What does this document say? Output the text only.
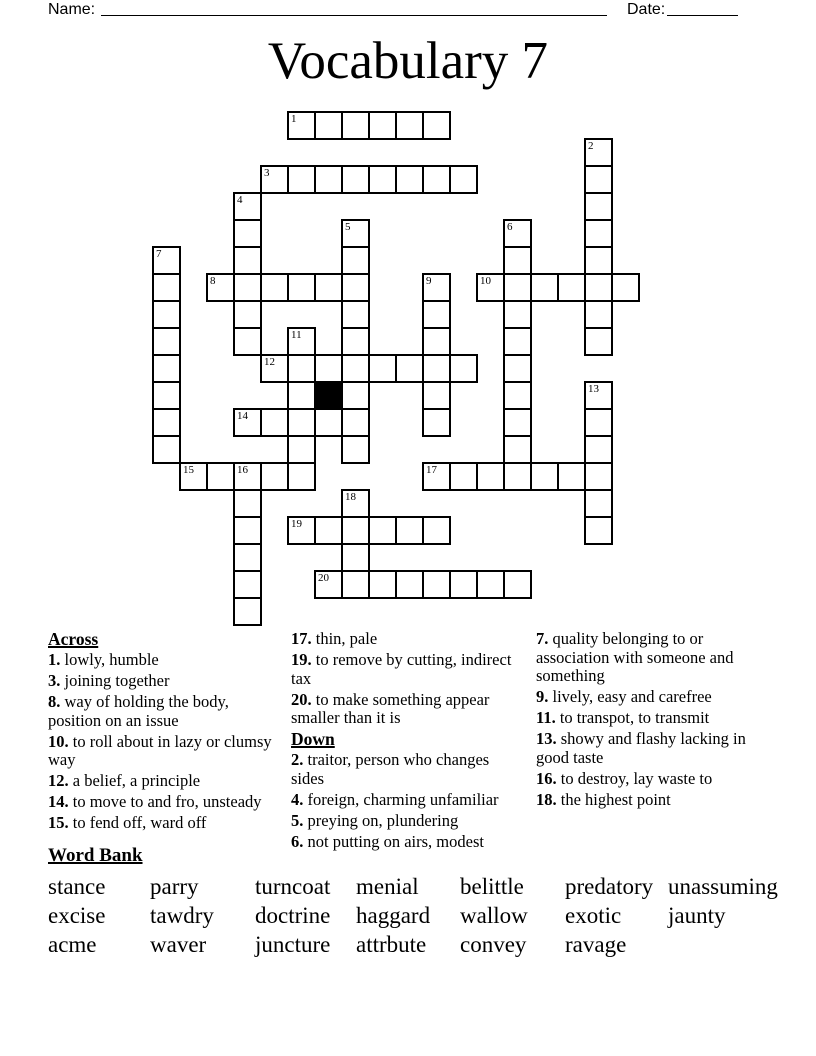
Name:	Date:
Vocabulary 7
1
3
8	10
12
14
15	16	17
19
20
2
4
5	6
7
9
11
13
18
Across
1. lowly, humble
3. joining together
8. way of holding the body, position on an issue
10. to roll about in lazy or clumsy way
12. a belief, a principle
14. to move to and fro, unsteady
15. to fend off, ward off
17. thin, pale
19. to remove by cutting, indirect tax
20. to make something appear smaller than it is
Down
2. traitor, person who changes sides
4. foreign, charming unfamiliar
5. preying on, plundering
6. not putting on airs, modest
7. quality belonging to or association with someone and something
9. lively, easy and carefree
11. to transpot, to transmit
13. showy and flashy lacking in good taste
16. to destroy, lay waste to
18. the highest point
Word Bank
stance parry turncoat menial belittle predatory unassuming
excise tawdry doctrine haggard wallow exotic jaunty
acme waver juncture attrbute convey ravage
